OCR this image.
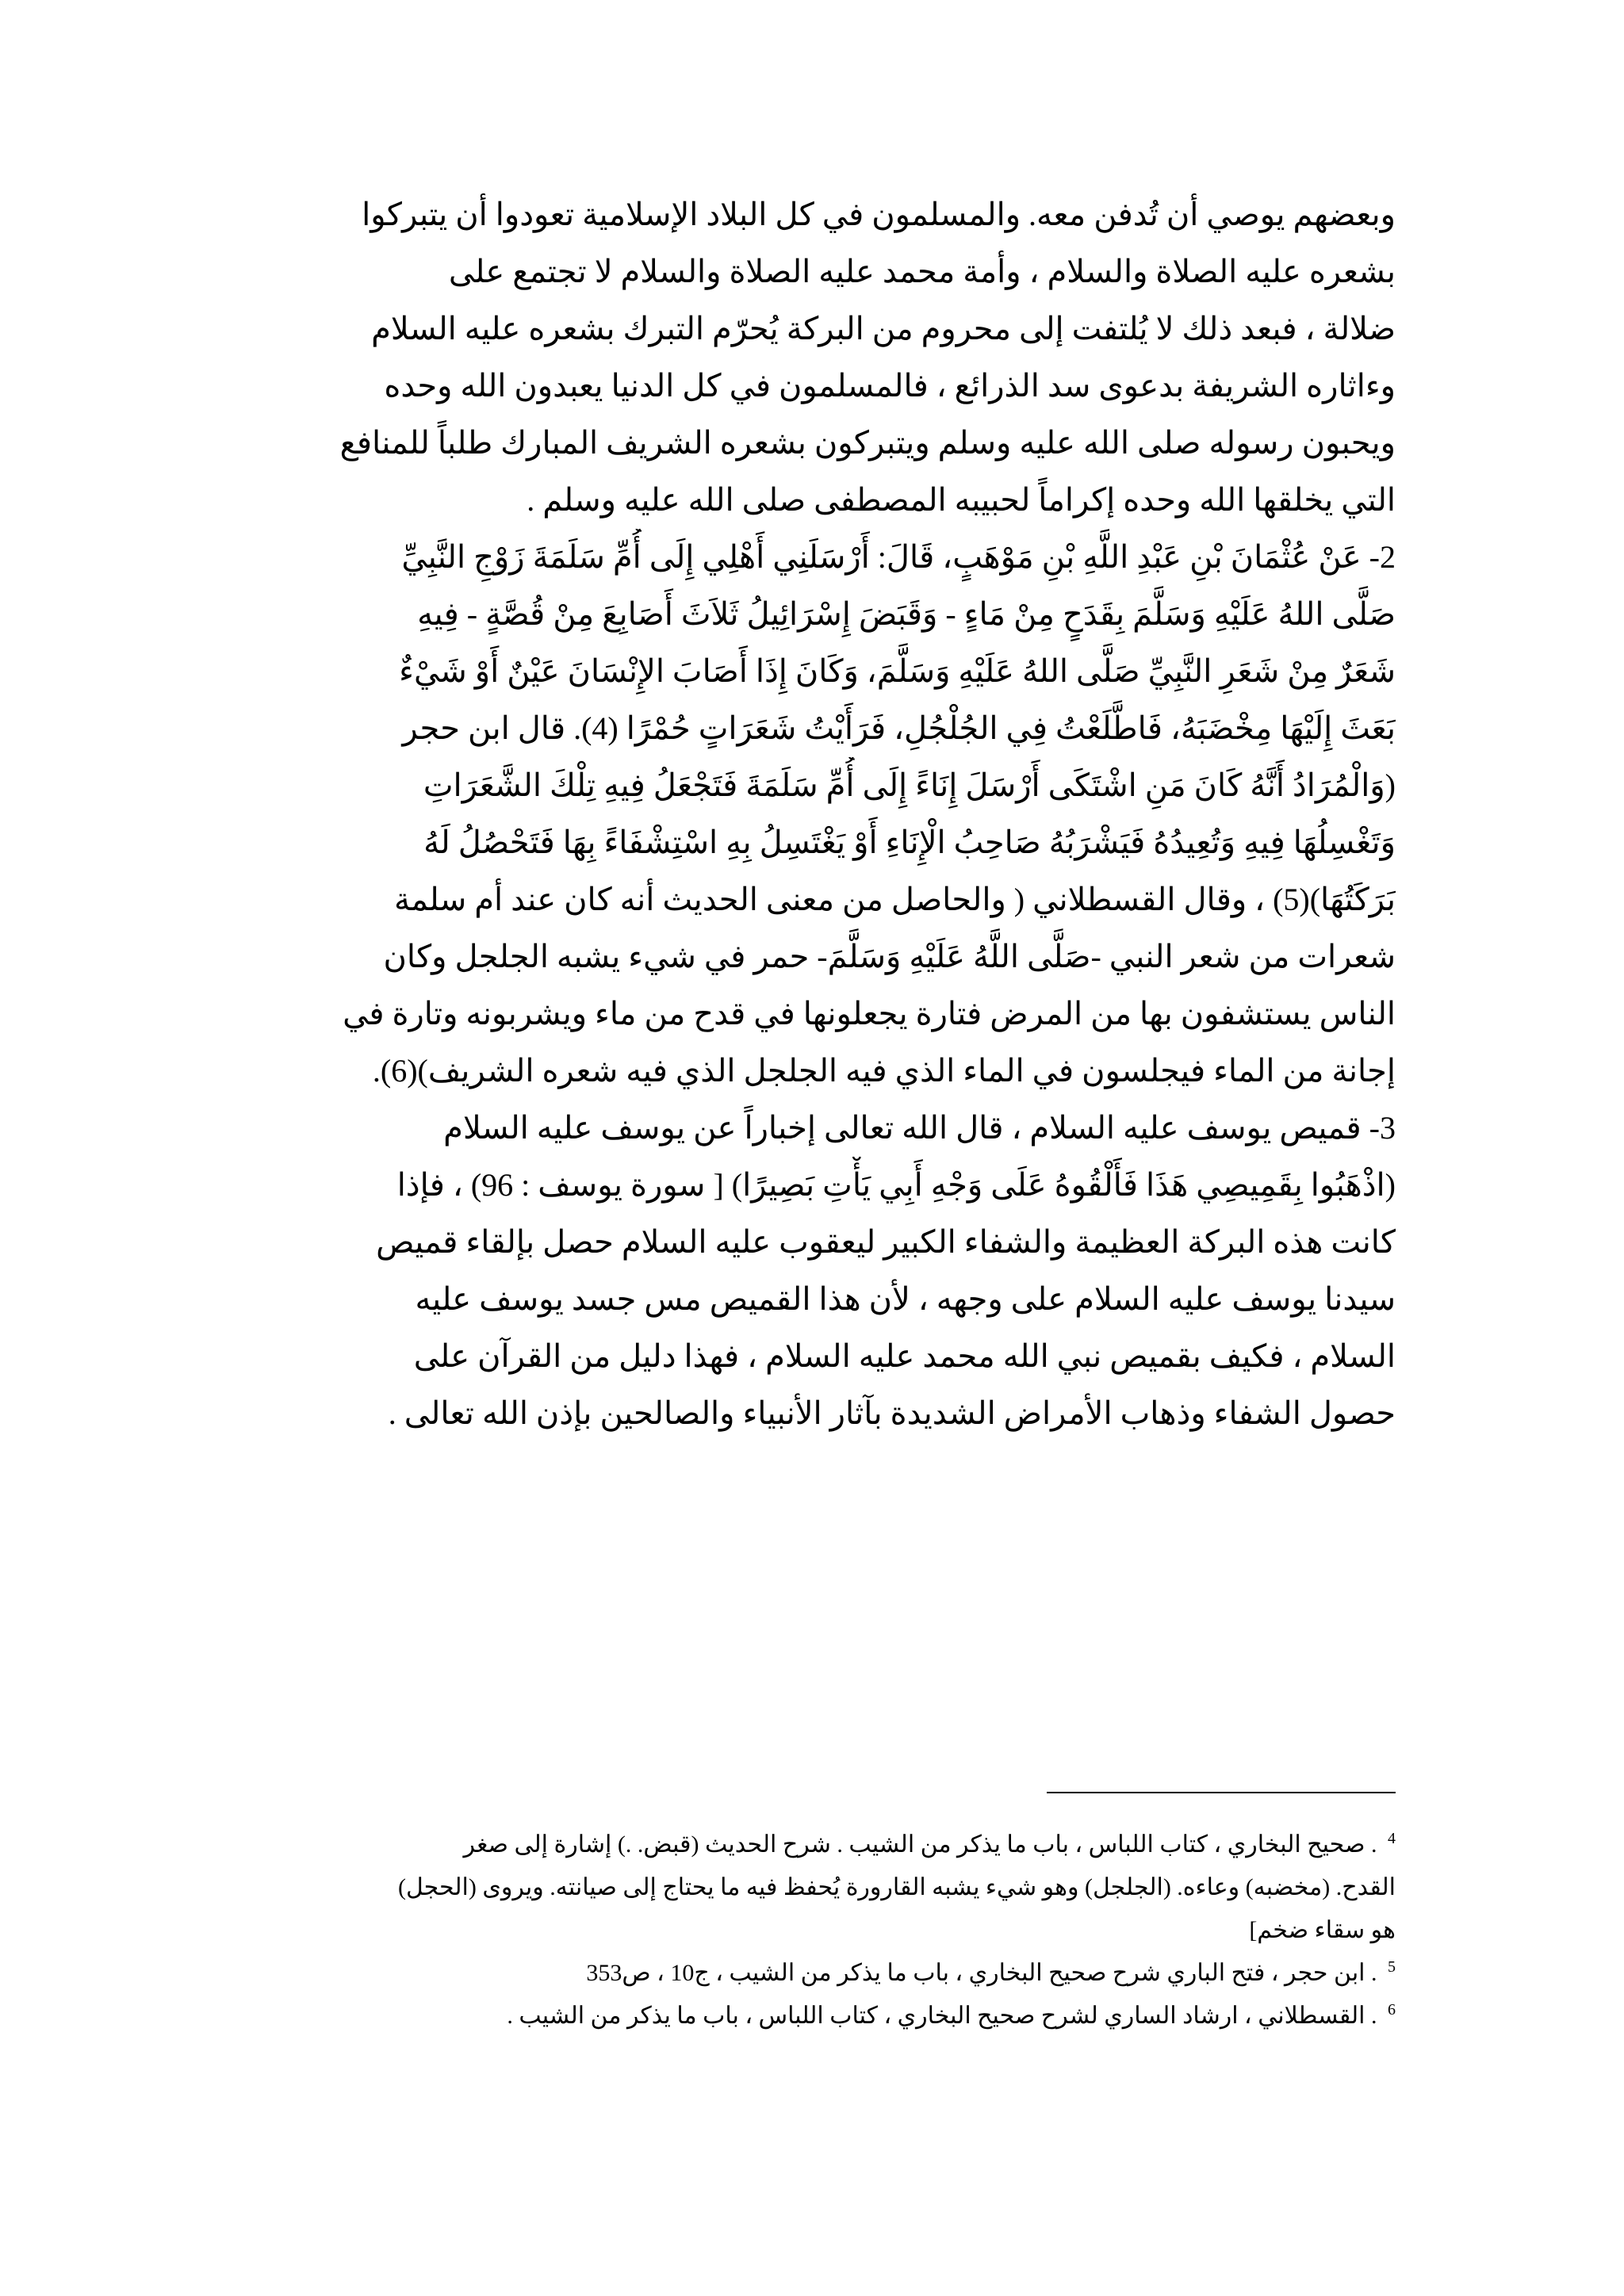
وبعضهم يوصي أن تُدفن معه. والمسلمون في كل البلاد الإسلامية تعودوا أن يتبركوا
بشعره عليه الصلاة والسلام ، وأمة محمد عليه الصلاة والسلام لا تجتمع على
ضلالة ، فبعد ذلك لا يُلتفت إلى محروم من البركة يُحرّم التبرك بشعره عليه السلام
وءاثاره الشريفة بدعوى سد الذرائع ، فالمسلمون في كل الدنيا يعبدون الله وحده
ويحبون رسوله صلى الله عليه وسلم ويتبركون بشعره الشريف المبارك طلباً للمنافع
التي يخلقها الله وحده إكراماً لحبيبه المصطفى صلى الله عليه وسلم .
2- عَنْ عُثْمَانَ بْنِ عَبْدِ اللَّهِ بْنِ مَوْهَبٍ، قَالَ: أَرْسَلَنِي أَهْلِي إِلَى أُمِّ سَلَمَةَ زَوْجِ النَّبِيِّ
صَلَّى اللهُ عَلَيْهِ وَسَلَّمَ بِقَدَحٍ مِنْ مَاءٍ - وَقَبَضَ إِسْرَائِيلُ ثَلاَثَ أَصَابِعَ مِنْ قُصَّةٍ - فِيهِ
شَعَرٌ مِنْ شَعَرِ النَّبِيِّ صَلَّى اللهُ عَلَيْهِ وَسَلَّمَ، وَكَانَ إِذَا أَصَابَ الإِنْسَانَ عَيْنٌ أَوْ شَيْءٌ
بَعَثَ إِلَيْهَا مِخْضَبَهُ، فَاطَّلَعْتُ فِي الجُلْجُلِ، فَرَأَيْتُ شَعَرَاتٍ حُمْرًا (4). قال ابن حجر
(وَالْمُرَادُ أَنَّهُ كَانَ مَنِ اشْتَكَى أَرْسَلَ إِنَاءً إِلَى أُمِّ سَلَمَةَ فَتَجْعَلُ فِيهِ تِلْكَ الشَّعَرَاتِ
وَتَغْسِلُهَا فِيهِ وَتُعِيدُهُ فَيَشْرَبُهُ صَاحِبُ الْإِنَاءِ أَوْ يَغْتَسِلُ بِهِ اسْتِشْفَاءً بِهَا فَتَحْصُلُ لَهُ
بَرَكَتُهَا)(5) ، وقال القسطلاني ( والحاصل من معنى الحديث أنه كان عند أم سلمة
شعرات من شعر النبي -صَلَّى اللَّهُ عَلَيْهِ وَسَلَّمَ- حمر في شيء يشبه الجلجل وكان
الناس يستشفون بها من المرض فتارة يجعلونها في قدح من ماء ويشربونه وتارة في
إجانة من الماء فيجلسون في الماء الذي فيه الجلجل الذي فيه شعره الشريف)(6).
3- قميص يوسف عليه السلام ، قال الله تعالى إخباراً عن يوسف عليه السلام
(اذْهَبُوا بِقَمِيصِي هَذَا فَأَلْقُوهُ عَلَى وَجْهِ أَبِي يَأْتِ بَصِيرًا) [ سورة يوسف : 96) ، فإذا
كانت هذه البركة العظيمة والشفاء الكبير ليعقوب عليه السلام حصل بإلقاء قميص
سيدنا يوسف عليه السلام على وجهه ، لأن هذا القميص مس جسد يوسف عليه
السلام ، فكيف بقميص نبي الله محمد عليه السلام ، فهذا دليل من القرآن على
حصول الشفاء وذهاب الأمراض الشديدة بآثار الأنبياء والصالحين بإذن الله تعالى .
$^4$ . صحيح البخاري ، كتاب اللباس ، باب ما يذكر من الشيب . شرح الحديث (قبض. .) إشارة إلى صغر
القدح. (مخضبه) وعاءه. (الجلجل) وهو شيء يشبه القارورة يُحفظ فيه ما يحتاج إلى صيانته. ويروى (الحجل)
هو سقاء ضخم]
$^5$ . ابن حجر ، فتح الباري شرح صحيح البخاري ، باب ما يذكر من الشيب ، ج10 ، ص353
$^6$ . القسطلاني ، ارشاد الساري لشرح صحيح البخاري ، كتاب اللباس ، باب ما يذكر من الشيب .
